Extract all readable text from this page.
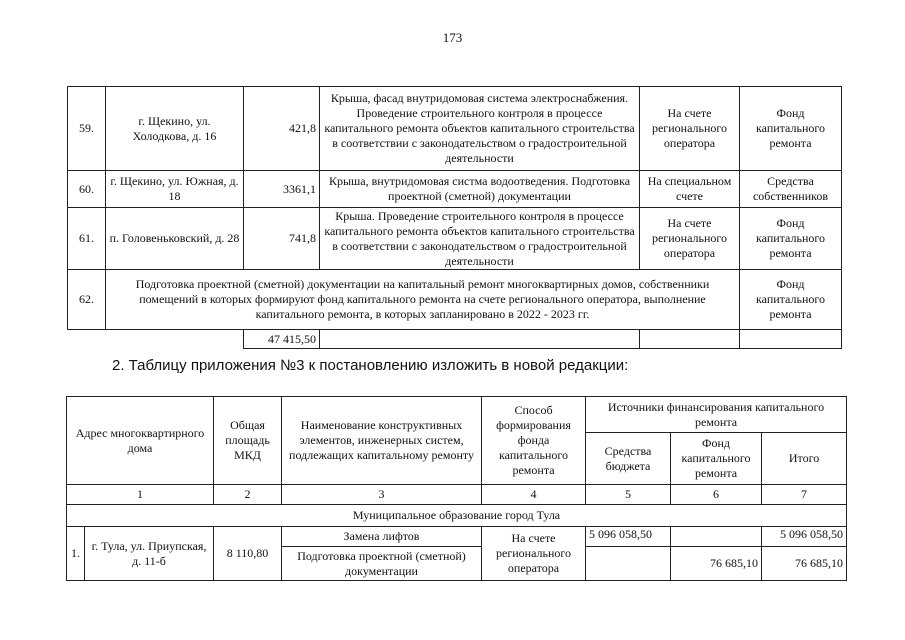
173
59.	г. Щекино, ул. Холодкова, д. 16	421,8	Крыша, фасад внутридомовая система электроснабжения. Проведение строительного контроля в процессе капитального ремонта объектов капитального строительства в соответствии с законодательством о градостроительной деятельности	На счете регионального оператора	Фонд капитального ремонта
60.	г. Щекино, ул. Южная, д. 18	3361,1	Крыша, внутридомовая систма водоотведения. Подготовка проектной (сметной) документации	На специальном счете	Средства собственников
61.	п. Головеньковский, д. 28	741,8	Крыша. Проведение строительного контроля в процессе капитального ремонта объектов капитального строительства в соответствии с законодательством о градостроительной деятельности	На счете регионального оператора	Фонд капитального ремонта
62.	Подготовка проектной (сметной) документации на капитальный ремонт многоквартирных домов, собственники помещений в которых формируют фонд капитального ремонта на счете регионального оператора, выполнение капитального ремонта, в которых запланировано в 2022 - 2023 гг.				Фонд капитального ремонта
		47 415,50			
2. Таблицу приложения №3 к постановлению изложить в новой редакции:
Адрес многоквартирного дома		Общая площадь МКД	Наименование конструктивных элементов, инженерных систем, подлежащих капитальному ремонту	Способ формирования фонда капитального ремонта	Источники финансирования капитального ремонта		
					Средства бюджета	Фонд капитального ремонта	Итого
1		2	3	4	5	6	7
Муниципальное образование город Тула							
1.	г. Тула, ул. Приупская, д. 11-б	8 110,80	Замена лифтов	На счете регионального оператора	5 096 058,50		5 096 058,50
			Подготовка проектной (сметной) документации			76 685,10	76 685,10
